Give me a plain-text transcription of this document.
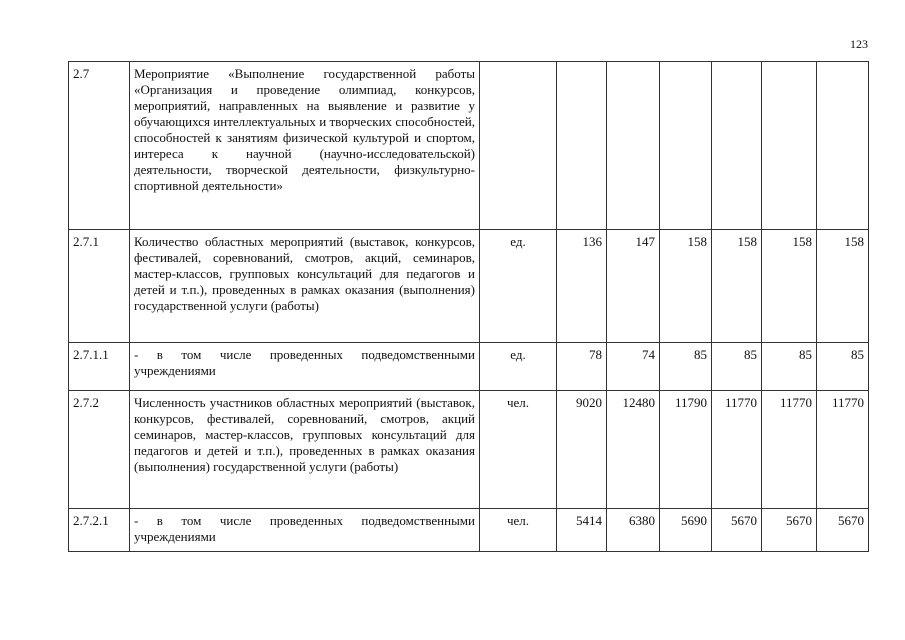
123
2.7	Мероприятие «Выполнение государственной работы «Организация и проведение олимпиад, конкурсов, мероприятий, направленных на выявление и развитие у обучающихся интеллектуальных и творческих способностей, способностей к занятиям физической культурой и спортом, интереса к научной (научно-исследовательской) деятельности, творческой деятельности, физкультурно-спортивной деятельности»							
2.7.1	Количество областных мероприятий (выставок, конкурсов, фестивалей, соревнований, смотров, акций, семинаров, мастер-классов, групповых консультаций для педагогов и детей и т.п.), проведенных в рамках оказания (выполнения) государственной услуги (работы)	ед.	136	147	158	158	158	158
2.7.1.1	- в том числе проведенных подведомственными учреждениями	ед.	78	74	85	85	85	85
2.7.2	Численность участников областных мероприятий (выставок, конкурсов, фестивалей, соревнований, смотров, акций семинаров, мастер-классов, групповых консультаций для педагогов и детей и т.п.), проведенных в рамках оказания (выполнения) государственной услуги (работы)	чел.	9020	12480	11790	11770	11770	11770
2.7.2.1	- в том числе проведенных подведомственными учреждениями	чел.	5414	6380	5690	5670	5670	5670
